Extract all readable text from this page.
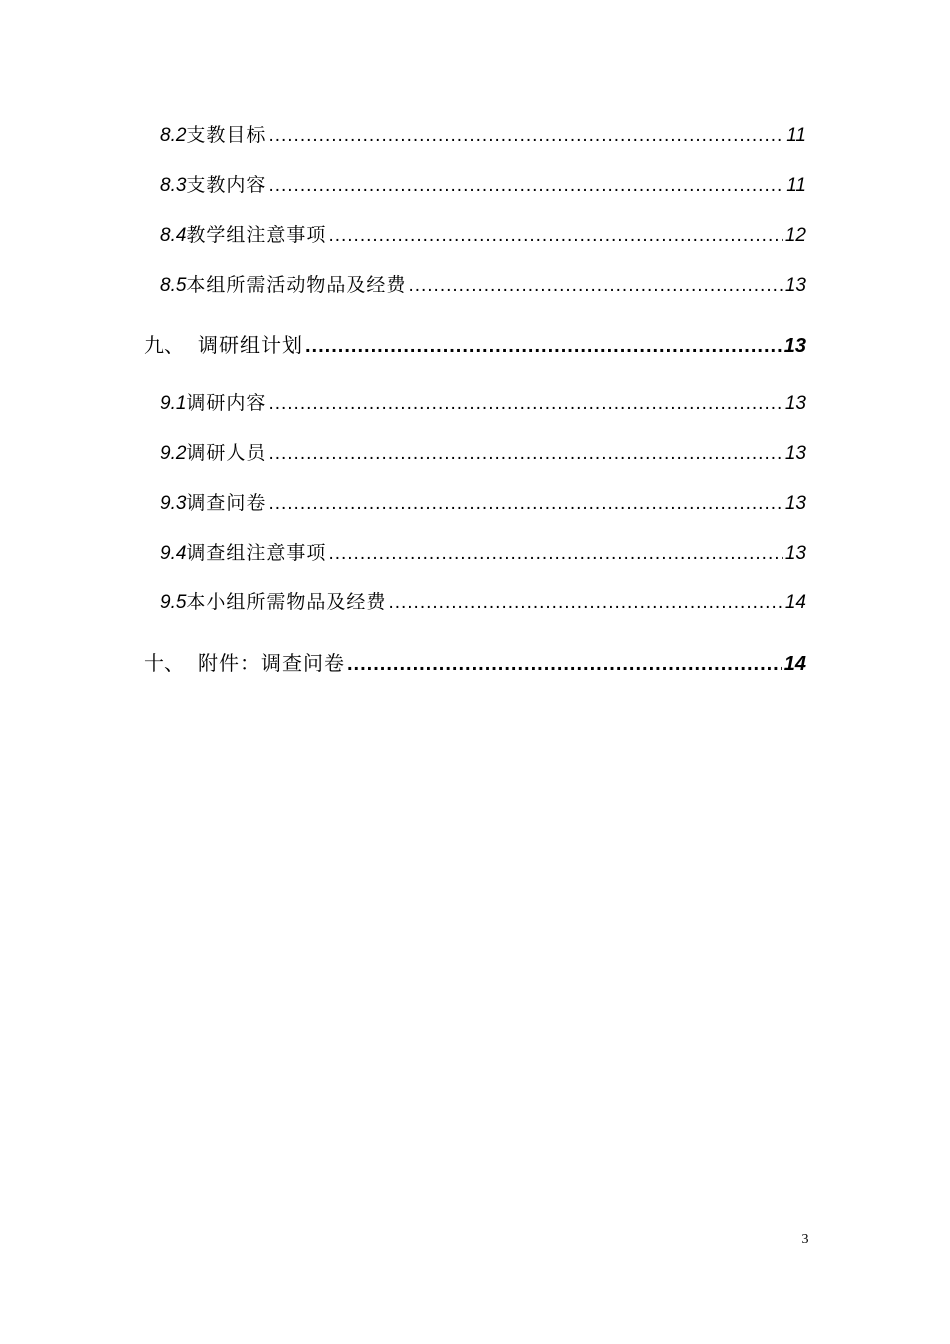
8.2 支教目标 .....	11
8.3 支教内容 .....	11
8.4 教学组注意事项 .....	12
8.5 本组所需活动物品及经费 .....	13
九、 调研组计划 .....	13
9.1 调研内容 .....	13
9.2 调研人员 .....	13
9.3 调查问卷 .....	13
9.4 调查组注意事项 .....	13
9.5 本小组所需物品及经费 .....	14
十、 附件：调查问卷 .....	14
3
